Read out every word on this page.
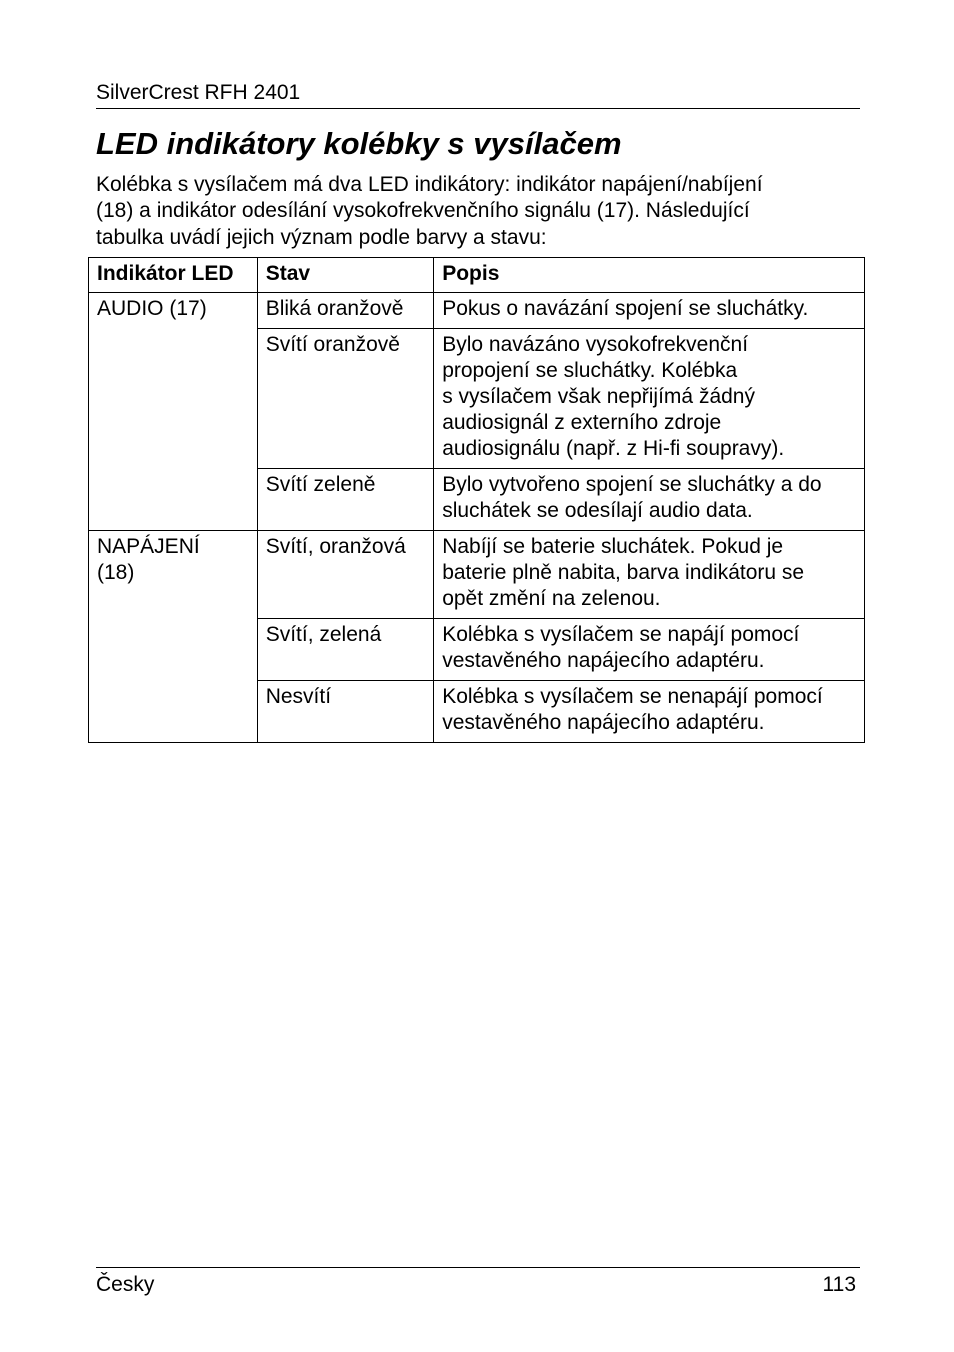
SilverCrest RFH 2401
LED indikátory kolébky s vysílačem

Kolébka s vysílačem má dva LED indikátory: indikátor napájení/nabíjení
(18) a indikátor odesílání vysokofrekvenčního signálu (17). Následující
tabulka uvádí jejich význam podle barvy a stavu:

Indikátor LED	Stav	Popis

AUDIO (17)	Bliká oranžově	Pokus o navázání spojení se sluchátky.

	Svítí oranžově	Bylo navázáno vysokofrekvenční
propojení se sluchátky. Kolébka
s vysílačem však nepřijímá žádný
audiosignál z externího zdroje
audiosignálu (např. z Hi-fi soupravy).

	Svítí zeleně	Bylo vytvořeno spojení se sluchátky a do
sluchátek se odesílají audio data.

NAPÁJENÍ
(18)	Svítí, oranžová	Nabíjí se baterie sluchátek. Pokud je
baterie plně nabita, barva indikátoru se
opět změní na zelenou.

	Svítí, zelená	Kolébka s vysílačem se napájí pomocí
vestavěného napájecího adaptéru.

	Nesvítí	Kolébka s vysílačem se nenapájí pomocí
vestavěného napájecího adaptéru.
Česky	113
